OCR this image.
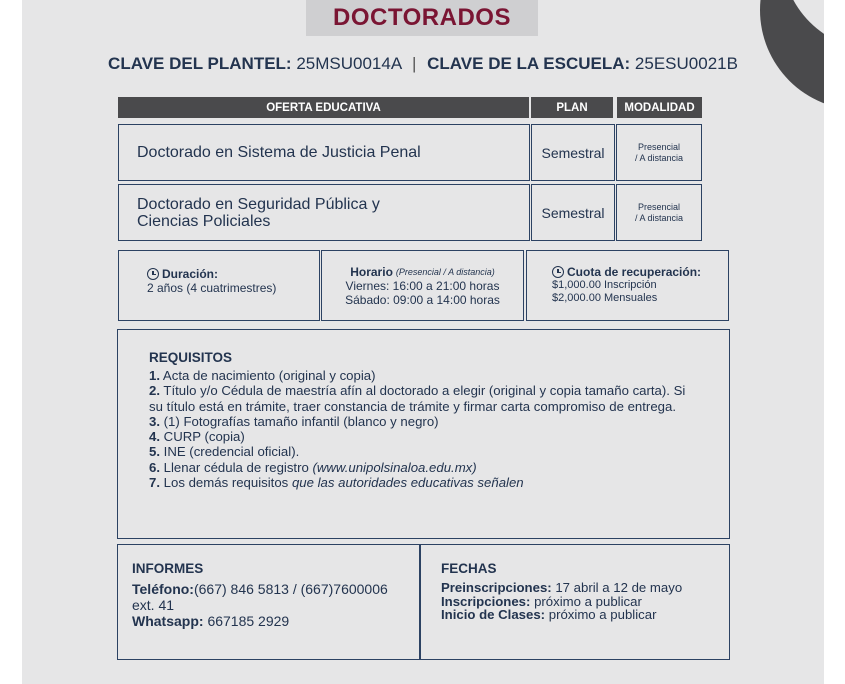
DOCTORADOS
CLAVE DEL PLANTEL: 25MSU0014A | CLAVE DE LA ESCUELA: 25ESU0021B
OFERTA EDUCATIVA	PLAN	MODALIDAD
Doctorado en Sistema de Justicia Penal	Semestral	Presencial
/ A distancia
Doctorado en Seguridad Pública y
Ciencias Policiales	Semestral	Presencial
/ A distancia
Duración:
2 años (4 cuatrimestres)
Horario (Presencial / A distancia)
Viernes: 16:00 a 21:00 horas
Sábado: 09:00 a 14:00 horas
Cuota de recuperación:
$1,000.00 Inscripción
$2,000.00 Mensuales
REQUISITOS
1. Acta de nacimiento (original y copia)
2. Título y/o Cédula de maestría afín al doctorado a elegir (original y copia tamaño carta). Si
su título está en trámite, traer constancia de trámite y firmar carta compromiso de entrega.
3. (1) Fotografías tamaño infantil (blanco y negro)
4. CURP (copia)
5. INE (credencial oficial).
6. Llenar cédula de registro (www.unipolsinaloa.edu.mx)
7. Los demás requisitos que las autoridades educativas señalen
INFORMES
Teléfono:(667) 846 5813 / (667)7600006
ext. 41
Whatsapp: 667185 2929
FECHAS
Preinscripciones: 17 abril a 12 de mayo
Inscripciones: próximo a publicar
Inicio de Clases: próximo a publicar
